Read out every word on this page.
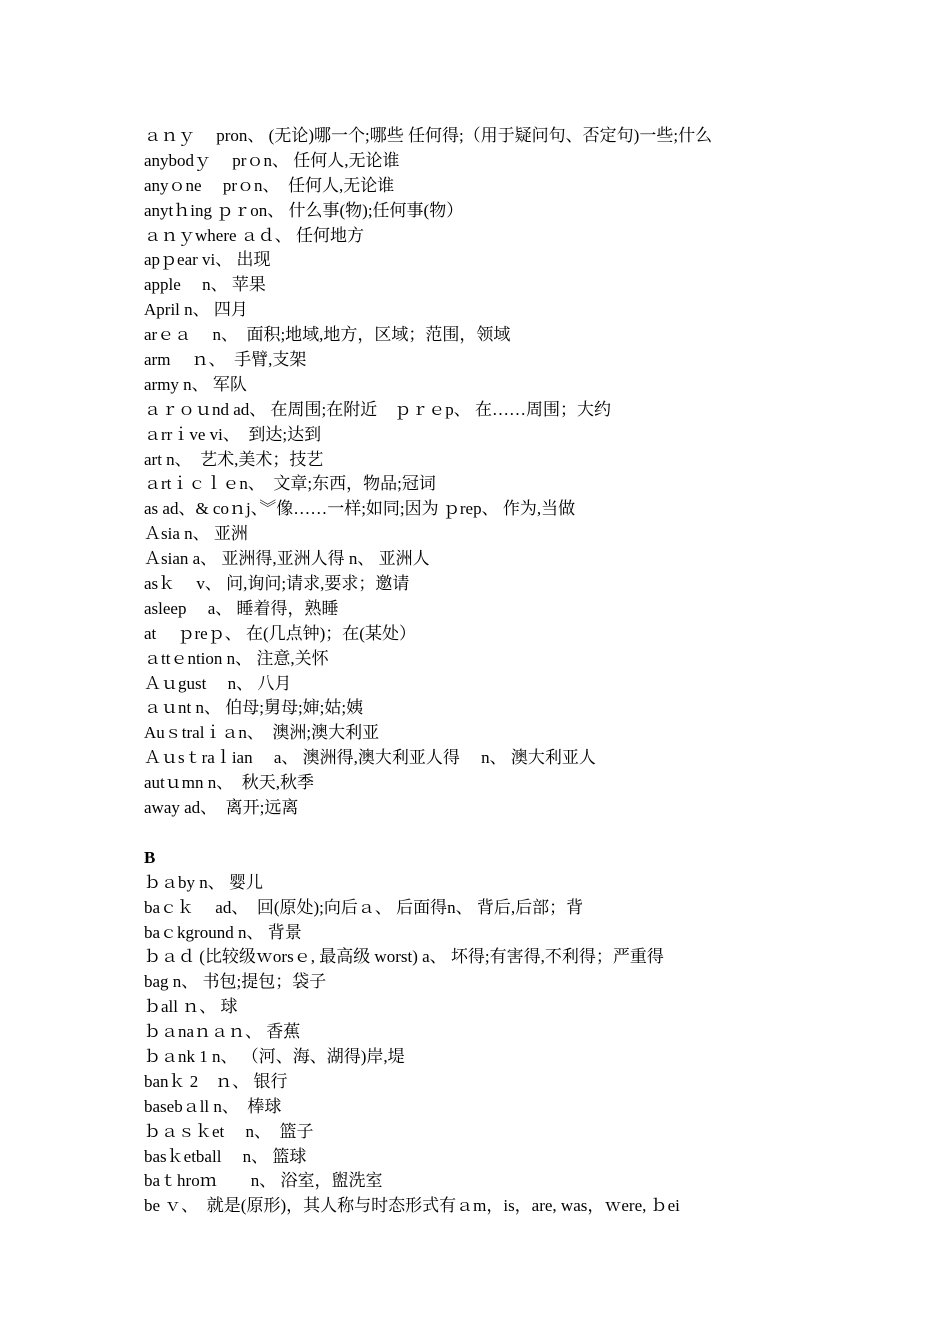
ａｎｙ　 pron、 (无论)哪一个;哪些 任何得;（用于疑问句、否定句)一些;什么
anybodｙ　 prｏn、 任何人,无论谁
anyｏne　 prｏn、　任何人,无论谁
anytｈing ｐｒon、 什么事(物);任何事(物）
ａｎｙwhere ａｄ、 任何地方
apｐear vi、 出现
apple　 n、 苹果
April n、 四月
arｅａ　 n、　面积;地域,地方，区域；范围，领域
arm　 ｎ、　手臂,支架
army n、 军队
ａｒｏｕnd ad、 在周围;在附近　ｐｒｅp、 在……周围；大约
ａrrｉve vi、　到达;达到
art n、　艺术,美术；技艺
ａrtｉｃｌｅn、　文章;东西，物品;冠词
as ad、& coｎj、︾像……一样;如同;因为 ｐrep、 作为,当做
Ａsia n、 亚洲
Ａsian a、 亚洲得,亚洲人得 n、 亚洲人
asｋ　 v、 问,询问;请求,要求；邀请
asleep　 a、 睡着得，熟睡
at　 ｐreｐ、 在(几点钟)；在(某处）
ａttｅntion n、 注意,关怀
Ａｕgust　 n、 八月
ａｕnt n、 伯母;舅母;婶;姑;姨
Auｓtralｉａn、　澳洲;澳大利亚
Ａｕsｔraｌian　 a、 澳洲得,澳大利亚人得　 n、 澳大利亚人
autｕmn n、　秋天,秋季
away ad、　离开;远离
B
ｂａby n、 婴儿
baｃｋ　 ad、　回(原处);向后ａ、 后面得n、 背后,后部；背
baｃkground n、 背景
ｂａｄ (比较级ｗorsｅ, 最高级 worst) a、 坏得;有害得,不利得；严重得
bag n、 书包;提包；袋子
ｂall ｎ、 球
ｂａnaｎａｎ、 香蕉
ｂａnk 1 n、 （河、海、湖得)岸,堤
banｋ 2　ｎ、 银行
basebａll n、　棒球
ｂａｓｋet　 n、　篮子
basｋetball　 n、 篮球
baｔhroｍ　　n、 浴室，盥洗室
be ｖ、　就是(原形)，其人称与时态形式有ａm，is，are, was，ｗere, ｂei
